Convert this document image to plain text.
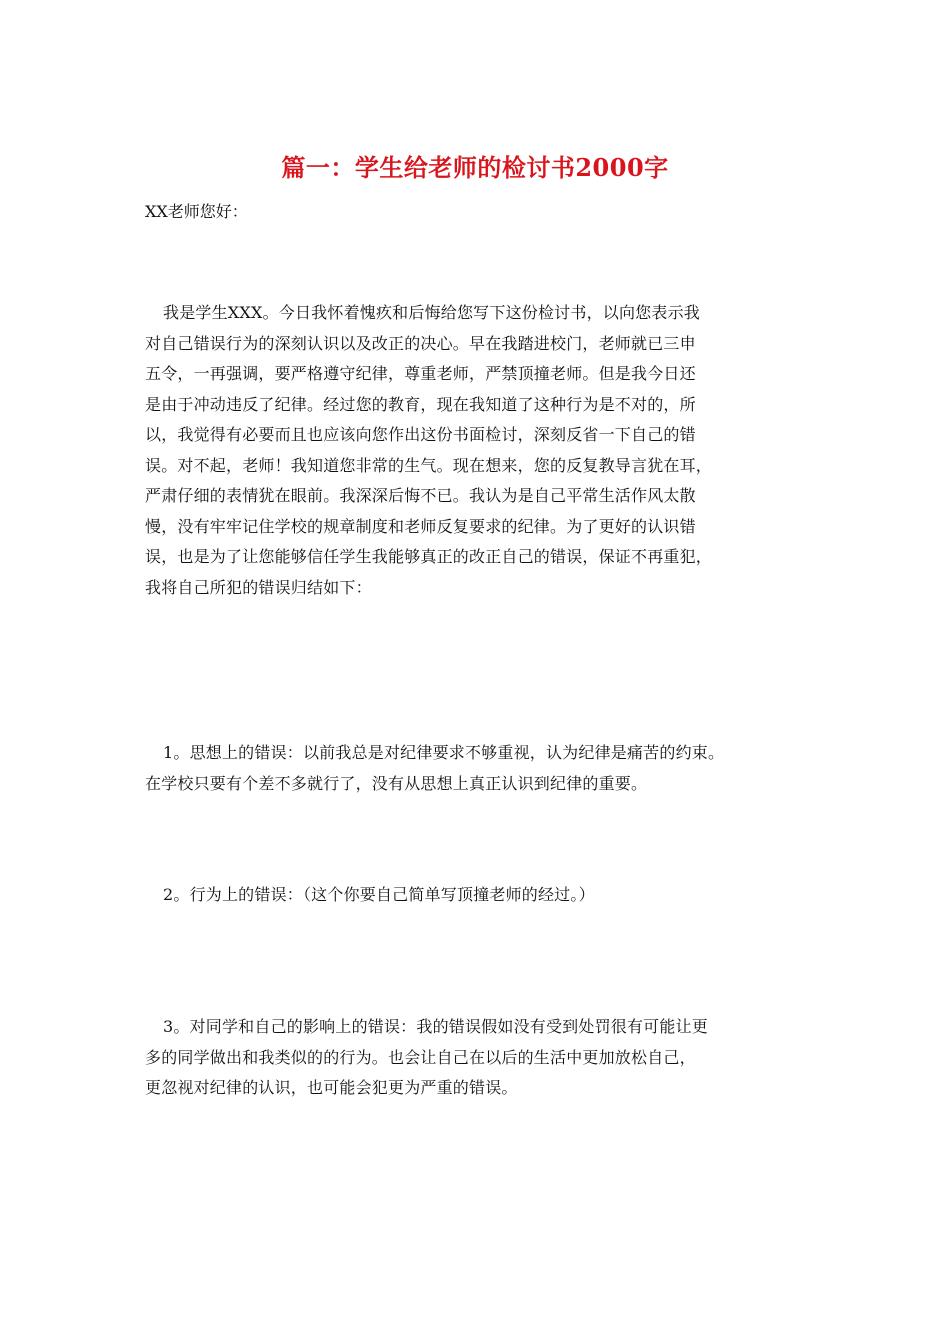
篇一：学生给老师的检讨书2000字

XX老师您好：

我是学生XXX。今日我怀着愧疚和后悔给您写下这份检讨书，以向您表示我
对自己错误行为的深刻认识以及改正的决心。早在我踏进校门，老师就已三申
五令，一再强调，要严格遵守纪律，尊重老师，严禁顶撞老师。但是我今日还
是由于冲动违反了纪律。经过您的教育，现在我知道了这种行为是不对的，所
以，我觉得有必要而且也应该向您作出这份书面检讨，深刻反省一下自己的错
误。对不起，老师！我知道您非常的生气。现在想来，您的反复教导言犹在耳，
严肃仔细的表情犹在眼前。我深深后悔不已。我认为是自己平常生活作风太散
慢，没有牢牢记住学校的规章制度和老师反复要求的纪律。为了更好的认识错
误，也是为了让您能够信任学生我能够真正的改正自己的错误，保证不再重犯，
我将自己所犯的错误归结如下：
1。思想上的错误：以前我总是对纪律要求不够重视，认为纪律是痛苦的约束。
在学校只要有个差不多就行了，没有从思想上真正认识到纪律的重要。
2。行为上的错误：（这个你要自己简单写顶撞老师的经过。）
3。对同学和自己的影响上的错误：我的错误假如没有受到处罚很有可能让更
多的同学做出和我类似的的行为。也会让自己在以后的生活中更加放松自己，
更忽视对纪律的认识，也可能会犯更为严重的错误。
